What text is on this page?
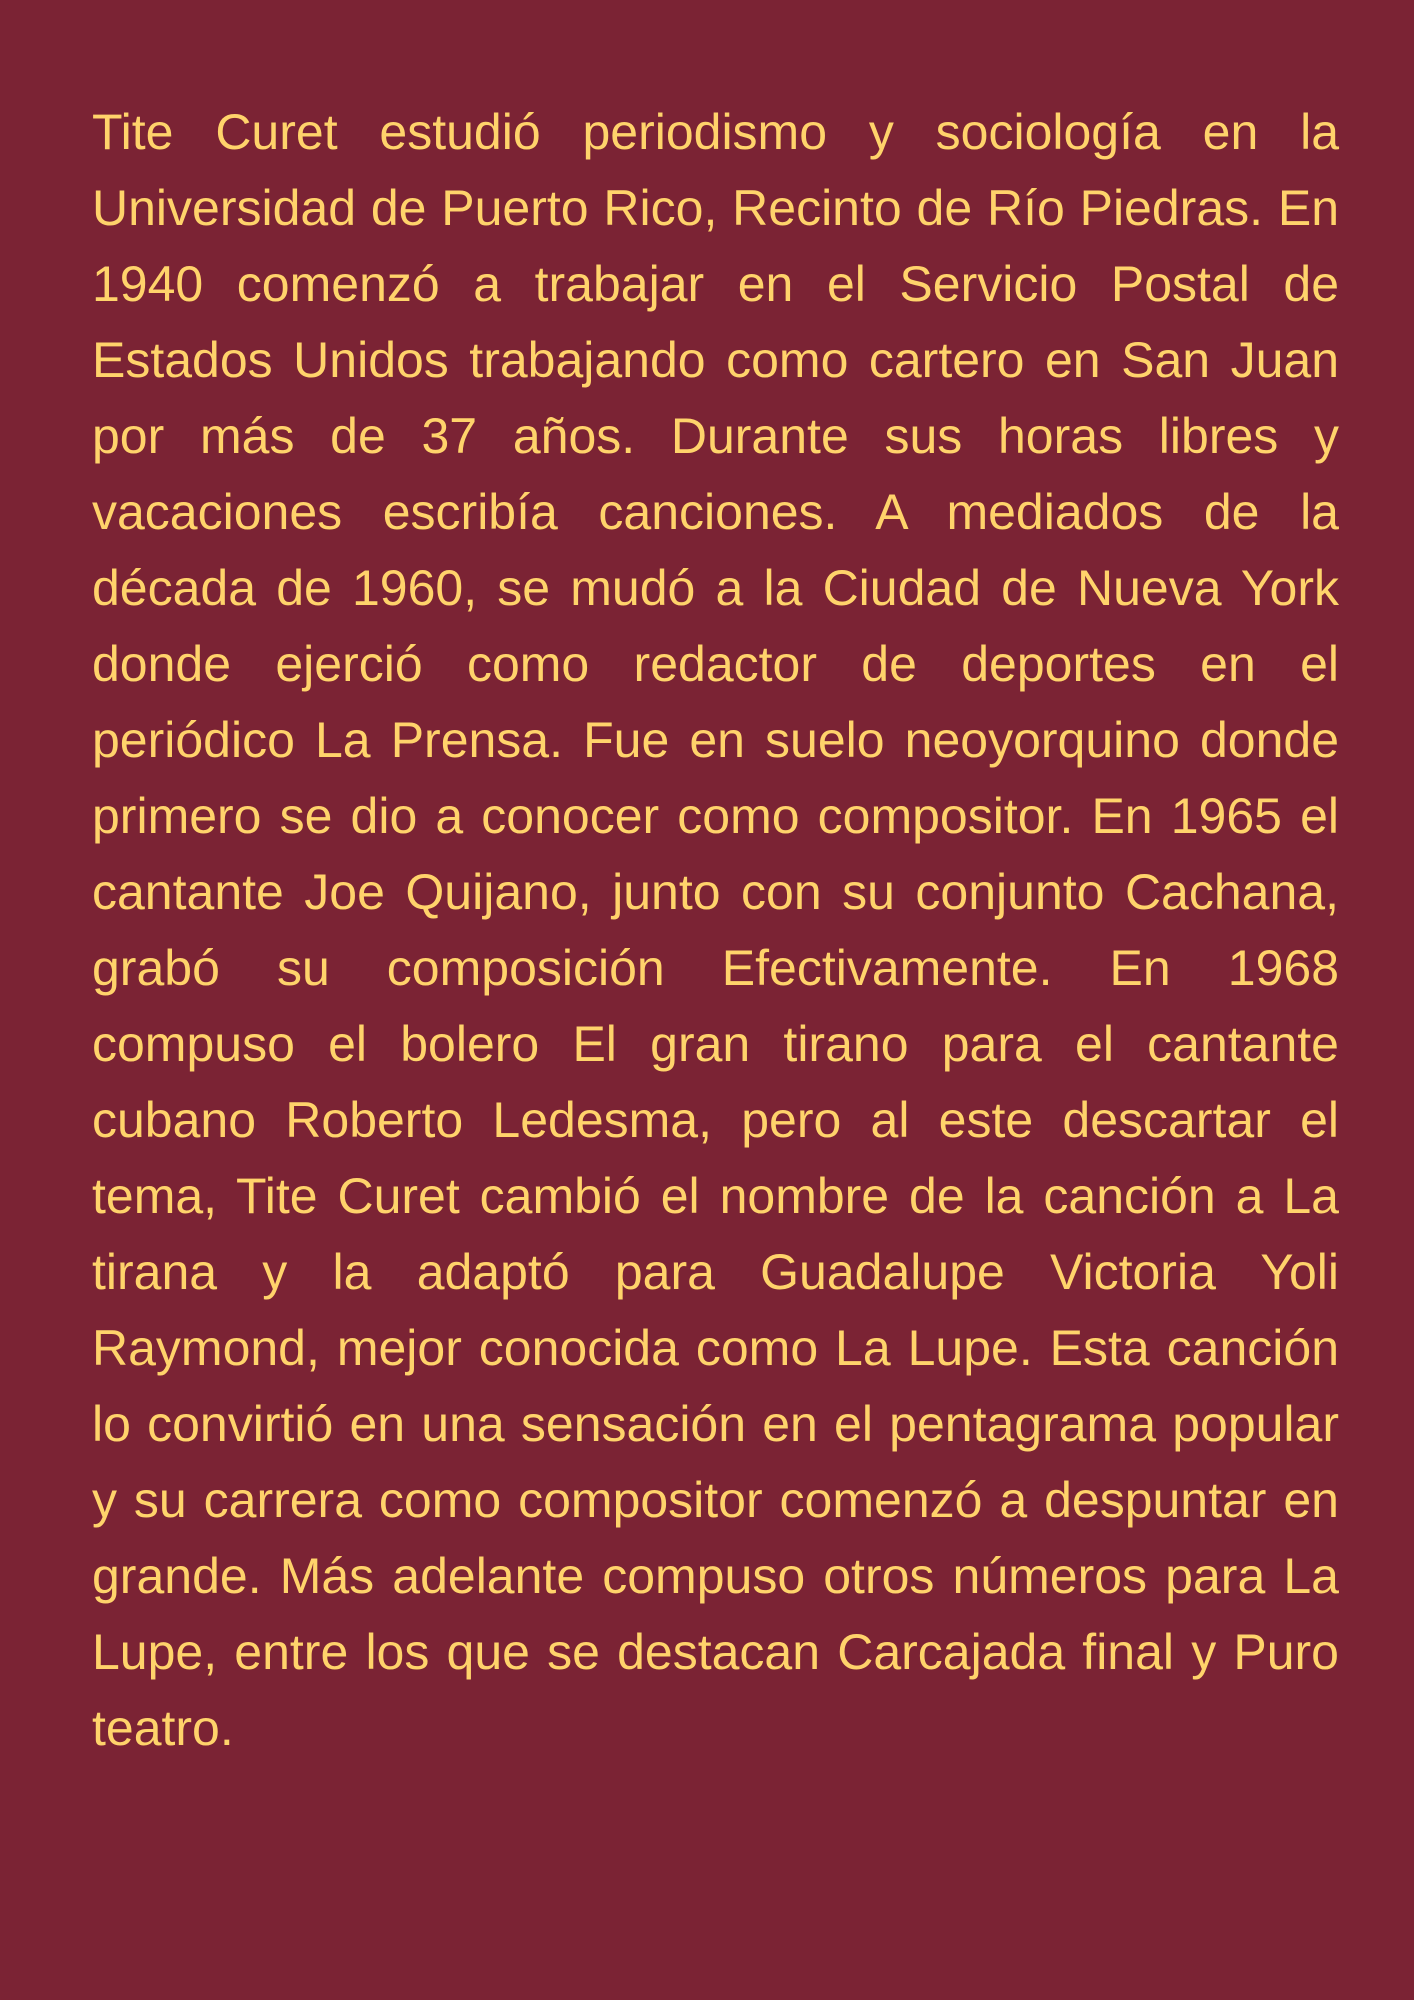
Tite Curet estudió periodismo y sociología en la Universidad de Puerto Rico, Recinto de Río Piedras. En 1940 comenzó a trabajar en el Servicio Postal de Estados Unidos trabajando como cartero en San Juan por más de 37 años. Durante sus horas libres y vacaciones escribía canciones. A mediados de la década de 1960, se mudó a la Ciudad de Nueva York donde ejerció como redactor de deportes en el periódico La Prensa. Fue en suelo neoyorquino donde primero se dio a conocer como compositor. En 1965 el cantante Joe Quijano, junto con su conjunto Cachana, grabó su composición Efectivamente. En 1968 compuso el bolero El gran tirano para el cantante cubano Roberto Ledesma, pero al este descartar el tema, Tite Curet cambió el nombre de la canción a La tirana y la adaptó para Guadalupe Victoria Yoli Raymond, mejor conocida como La Lupe. Esta canción lo convirtió en una sensación en el pentagrama popular y su carrera como compositor comenzó a despuntar en grande. Más adelante compuso otros números para La Lupe, entre los que se destacan Carcajada final y Puro teatro.
